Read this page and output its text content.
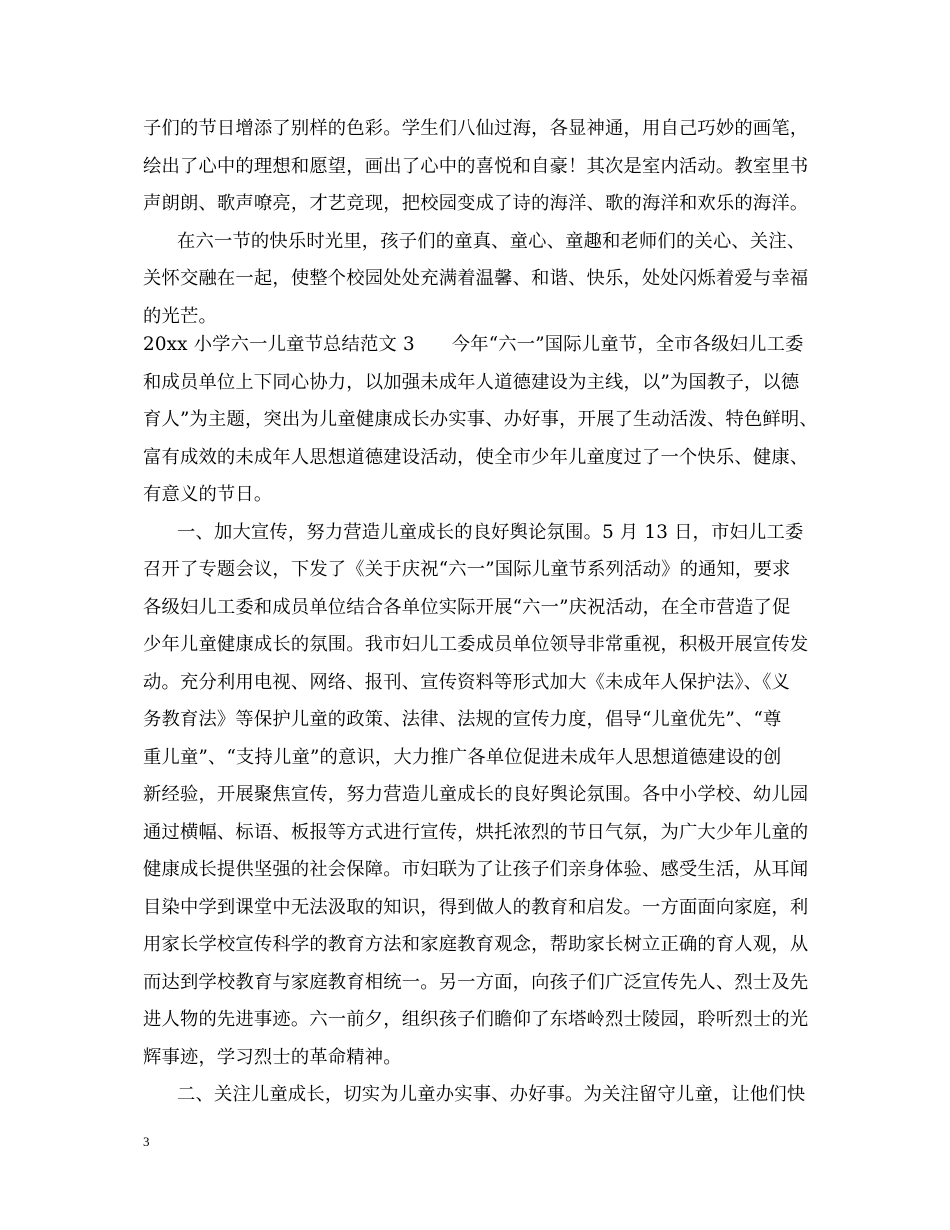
子们的节日增添了别样的色彩。学生们八仙过海，各显神通，用自己巧妙的画笔，
绘出了心中的理想和愿望，画出了心中的喜悦和自豪！其次是室内活动。教室里书
声朗朗、歌声嘹亮，才艺竞现，把校园变成了诗的海洋、歌的海洋和欢乐的海洋。
在六一节的快乐时光里，孩子们的童真、童心、童趣和老师们的关心、关注、
关怀交融在一起，使整个校园处处充满着温馨、和谐、快乐，处处闪烁着爱与幸福
的光芒。
20xx 小学六一儿童节总结范文 3　　今年“六一”国际儿童节，全市各级妇儿工委
和成员单位上下同心协力，以加强未成年人道德建设为主线，以”为国教子，以德
育人”为主题，突出为儿童健康成长办实事、办好事，开展了生动活泼、特色鲜明、
富有成效的未成年人思想道德建设活动，使全市少年儿童度过了一个快乐、健康、
有意义的节日。
一、加大宣传，努力营造儿童成长的良好舆论氛围。5 月 13 日，市妇儿工委
召开了专题会议，下发了《关于庆祝“六一”国际儿童节系列活动》的通知，要求
各级妇儿工委和成员单位结合各单位实际开展“六一”庆祝活动，在全市营造了促
少年儿童健康成长的氛围。我市妇儿工委成员单位领导非常重视，积极开展宣传发
动。充分利用电视、网络、报刊、宣传资料等形式加大《未成年人保护法》、《义
务教育法》等保护儿童的政策、法律、法规的宣传力度，倡导“儿童优先”、“尊
重儿童”、“支持儿童”的意识，大力推广各单位促进未成年人思想道德建设的创
新经验，开展聚焦宣传，努力营造儿童成长的良好舆论氛围。各中小学校、幼儿园
通过横幅、标语、板报等方式进行宣传，烘托浓烈的节日气氛，为广大少年儿童的
健康成长提供坚强的社会保障。市妇联为了让孩子们亲身体验、感受生活，从耳闻
目染中学到课堂中无法汲取的知识，得到做人的教育和启发。一方面面向家庭，利
用家长学校宣传科学的教育方法和家庭教育观念，帮助家长树立正确的育人观，从
而达到学校教育与家庭教育相统一。另一方面，向孩子们广泛宣传先人、烈士及先
进人物的先进事迹。六一前夕，组织孩子们瞻仰了东塔岭烈士陵园，聆听烈士的光
辉事迹，学习烈士的革命精神。
二、关注儿童成长，切实为儿童办实事、办好事。为关注留守儿童，让他们快
3
